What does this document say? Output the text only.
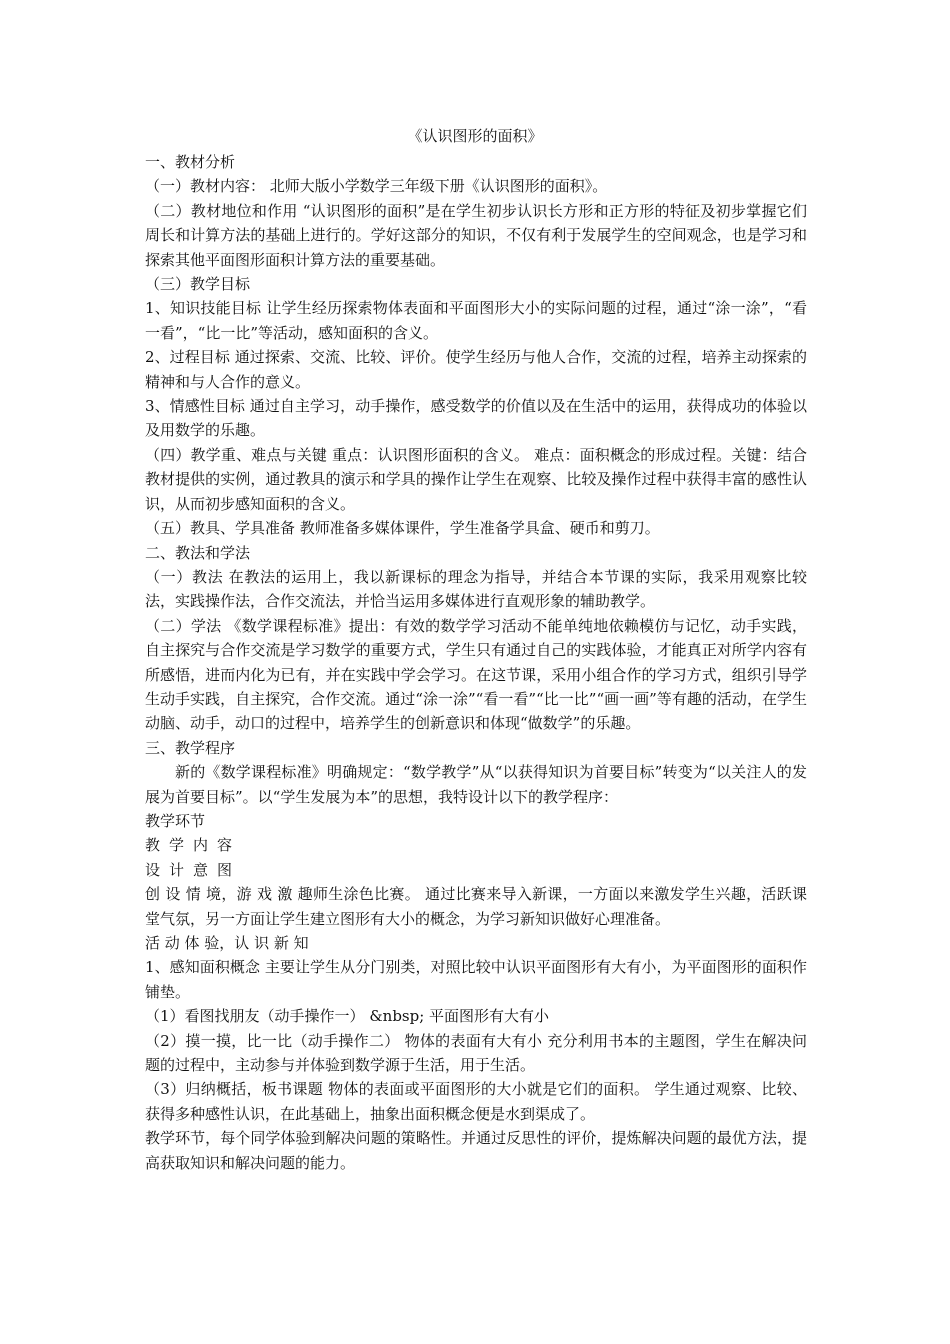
《认识图形的面积》

一、教材分析

（一）教材内容： 北师大版小学数学三年级下册《认识图形的面积》。

（二）教材地位和作用 “认识图形的面积”是在学生初步认识长方形和正方形的特征及初步掌握它们周长和计算方法的基础上进行的。学好这部分的知识，不仅有利于发展学生的空间观念，也是学习和探索其他平面图形面积计算方法的重要基础。

（三）教学目标

1、知识技能目标 让学生经历探索物体表面和平面图形大小的实际问题的过程，通过“涂一涂”，“看一看”，“比一比”等活动，感知面积的含义。

2、过程目标 通过探索、交流、比较、评价。使学生经历与他人合作，交流的过程，培养主动探索的精神和与人合作的意义。

3、情感性目标 通过自主学习，动手操作，感受数学的价值以及在生活中的运用，获得成功的体验以及用数学的乐趣。

（四）教学重、难点与关键 重点：认识图形面积的含义。 难点：面积概念的形成过程。关键：结合教材提供的实例，通过教具的演示和学具的操作让学生在观察、比较及操作过程中获得丰富的感性认识，从而初步感知面积的含义。

（五）教具、学具准备 教师准备多媒体课件，学生准备学具盒、硬币和剪刀。

二、教法和学法

（一）教法 在教法的运用上，我以新课标的理念为指导，并结合本节课的实际，我采用观察比较法，实践操作法，合作交流法，并恰当运用多媒体进行直观形象的辅助教学。

（二）学法 《数学课程标准》提出：有效的数学学习活动不能单纯地依赖模仿与记忆，动手实践，自主探究与合作交流是学习数学的重要方式，学生只有通过自己的实践体验，才能真正对所学内容有所感悟，进而内化为已有，并在实践中学会学习。在这节课，采用小组合作的学习方式，组织引导学生动手实践，自主探究，合作交流。通过“涂一涂”“看一看”“比一比”“画一画”等有趣的活动，在学生动脑、动手，动口的过程中，培养学生的创新意识和体现“做数学”的乐趣。

三、教学程序

新的《数学课程标准》明确规定：“数学教学”从“以获得知识为首要目标”转变为“以关注人的发展为首要目标”。以“学生发展为本”的思想，我特设计以下的教学程序：

教学环节

教学内容

设计意图

创 设 情 境，游 戏 激 趣师生涂色比赛。 通过比赛来导入新课，一方面以来激发学生兴趣，活跃课堂气氛，另一方面让学生建立图形有大小的概念，为学习新知识做好心理准备。

活 动 体 验，认 识 新 知

1、感知面积概念 主要让学生从分门别类，对照比较中认识平面图形有大有小，为平面图形的面积作铺垫。

（1）看图找朋友（动手操作一） &nbsp; 平面图形有大有小

（2）摸一摸，比一比（动手操作二） 物体的表面有大有小 充分利用书本的主题图，学生在解决问题的过程中，主动参与并体验到数学源于生活，用于生活。

（3）归纳概括，板书课题 物体的表面或平面图形的大小就是它们的面积。 学生通过观察、比较、获得多种感性认识，在此基础上，抽象出面积概念便是水到渠成了。

教学环节，每个同学体验到解决问题的策略性。并通过反思性的评价，提炼解决问题的最优方法，提高获取知识和解决问题的能力。
